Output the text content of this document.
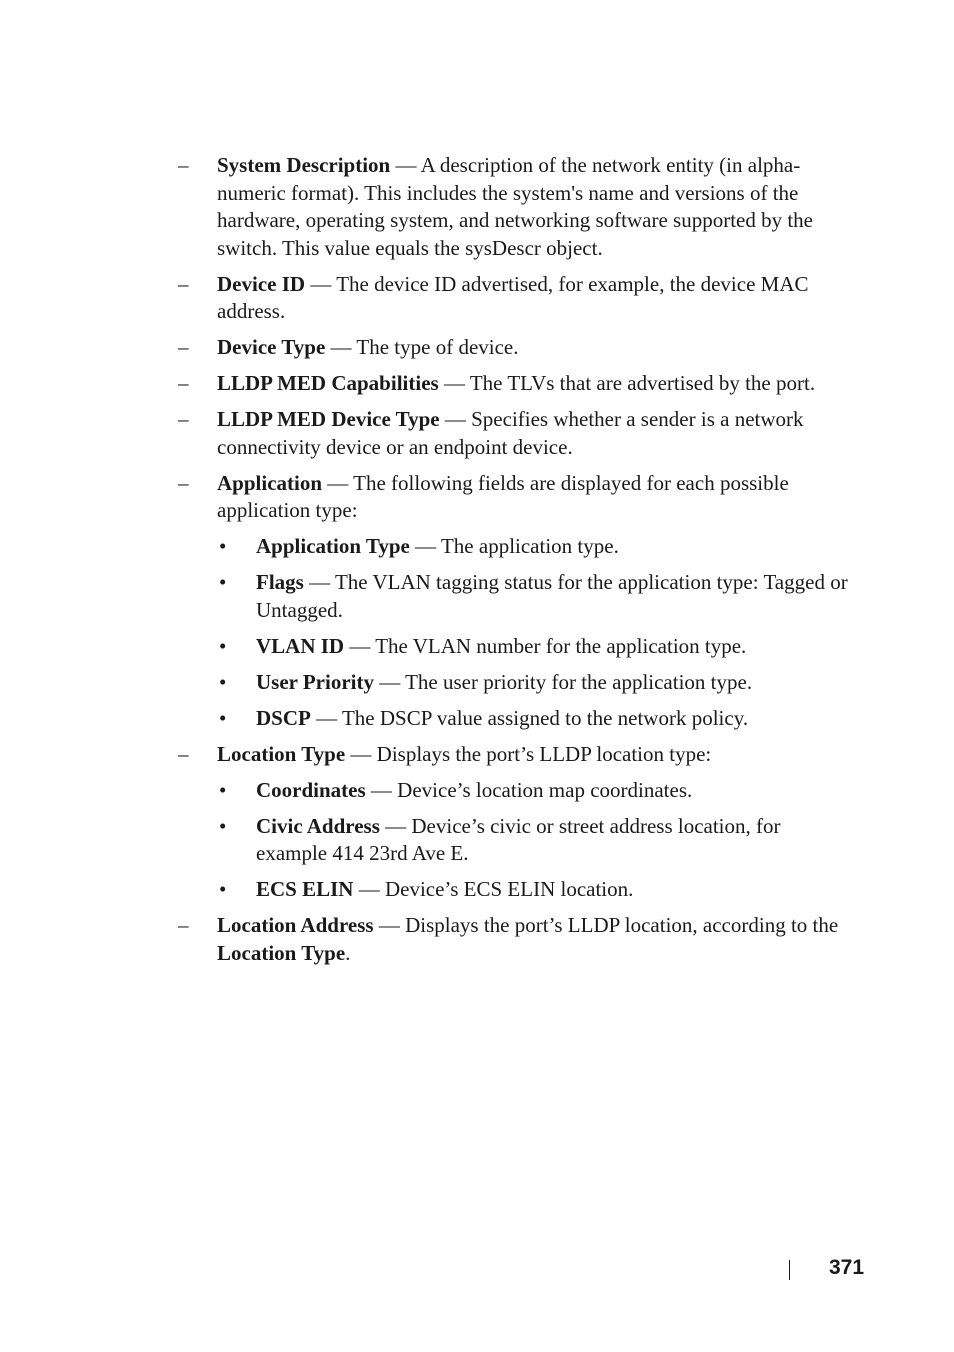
– System Description — A description of the network entity (in alpha-numeric format). This includes the system's name and versions of the hardware, operating system, and networking software supported by the switch. This value equals the sysDescr object.
– Device ID — The device ID advertised, for example, the device MAC address.
– Device Type — The type of device.
– LLDP MED Capabilities — The TLVs that are advertised by the port.
– LLDP MED Device Type — Specifies whether a sender is a network connectivity device or an endpoint device.
– Application — The following fields are displayed for each possible application type:
• Application Type — The application type.
• Flags — The VLAN tagging status for the application type: Tagged or Untagged.
• VLAN ID — The VLAN number for the application type.
• User Priority — The user priority for the application type.
• DSCP — The DSCP value assigned to the network policy.
– Location Type — Displays the port’s LLDP location type:
• Coordinates — Device’s location map coordinates.
• Civic Address — Device’s civic or street address location, for example 414 23rd Ave E.
• ECS ELIN — Device’s ECS ELIN location.
– Location Address — Displays the port’s LLDP location, according to the Location Type.
371
